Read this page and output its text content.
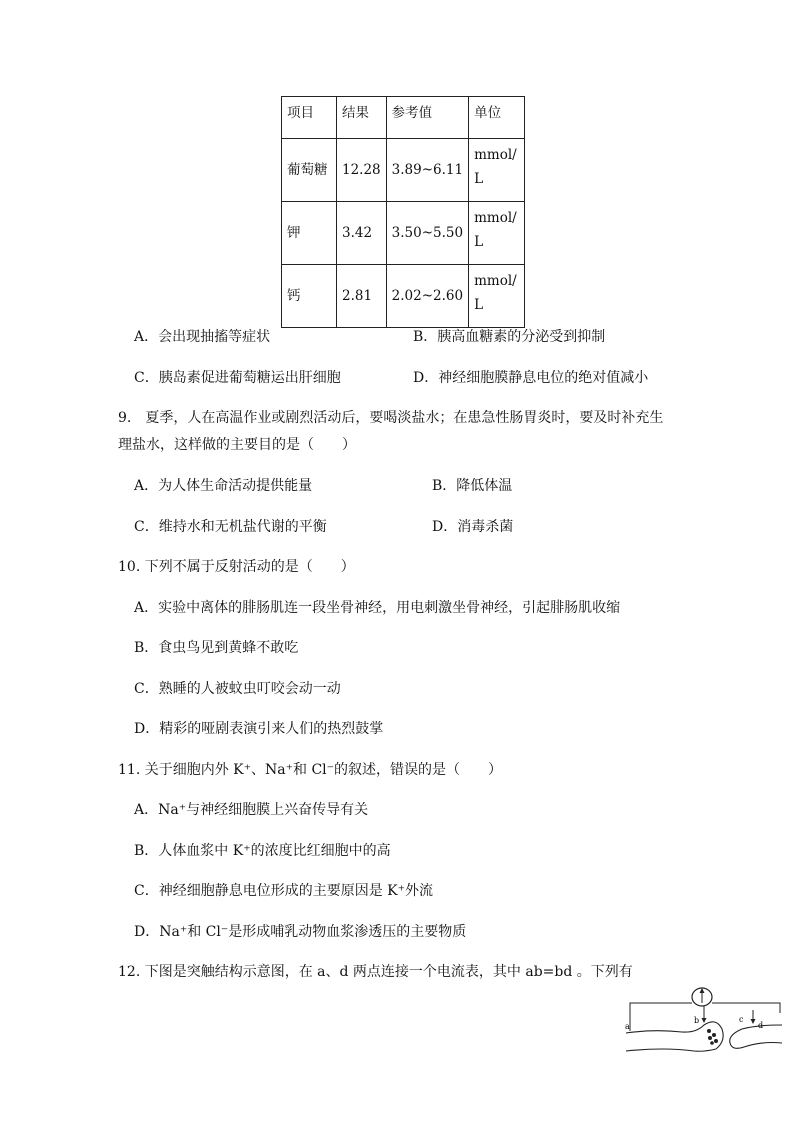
项目	结果	参考值	单位
葡萄糖	12.28	3.89~6.11	mmol/L

钾	3.42	3.50~5.50	mmol/L

钙	2.81	2.02~2.60	mmol/L
A．会出现抽搐等症状	B．胰高血糖素的分泌受到抑制
C．胰岛素促进葡萄糖运出肝细胞	D．神经细胞膜静息电位的绝对值减小
9.　夏季，人在高温作业或剧烈活动后，要喝淡盐水；在患急性肠胃炎时，要及时补充生
理盐水，这样做的主要目的是（　　）
A．为人体生命活动提供能量	B．降低体温
C．维持水和无机盐代谢的平衡	D．消毒杀菌
10. 下列不属于反射活动的是（　　）
A．实验中离体的腓肠肌连一段坐骨神经，用电刺激坐骨神经，引起腓肠肌收缩
B．食虫鸟见到黄蜂不敢吃
C．熟睡的人被蚊虫叮咬会动一动
D．精彩的哑剧表演引来人们的热烈鼓掌
11. 关于细胞内外 K⁺、Na⁺和 Cl⁻的叙述，错误的是（　　）
A．Na⁺与神经细胞膜上兴奋传导有关
B．人体血浆中 K⁺的浓度比红细胞中的高
C．神经细胞静息电位形成的主要原因是 K⁺外流
D．Na⁺和 Cl⁻是形成哺乳动物血浆渗透压的主要物质
12. 下图是突触结构示意图，在 a、d 两点连接一个电流表，其中 ab=bd 。下列有
a
b	c
d
